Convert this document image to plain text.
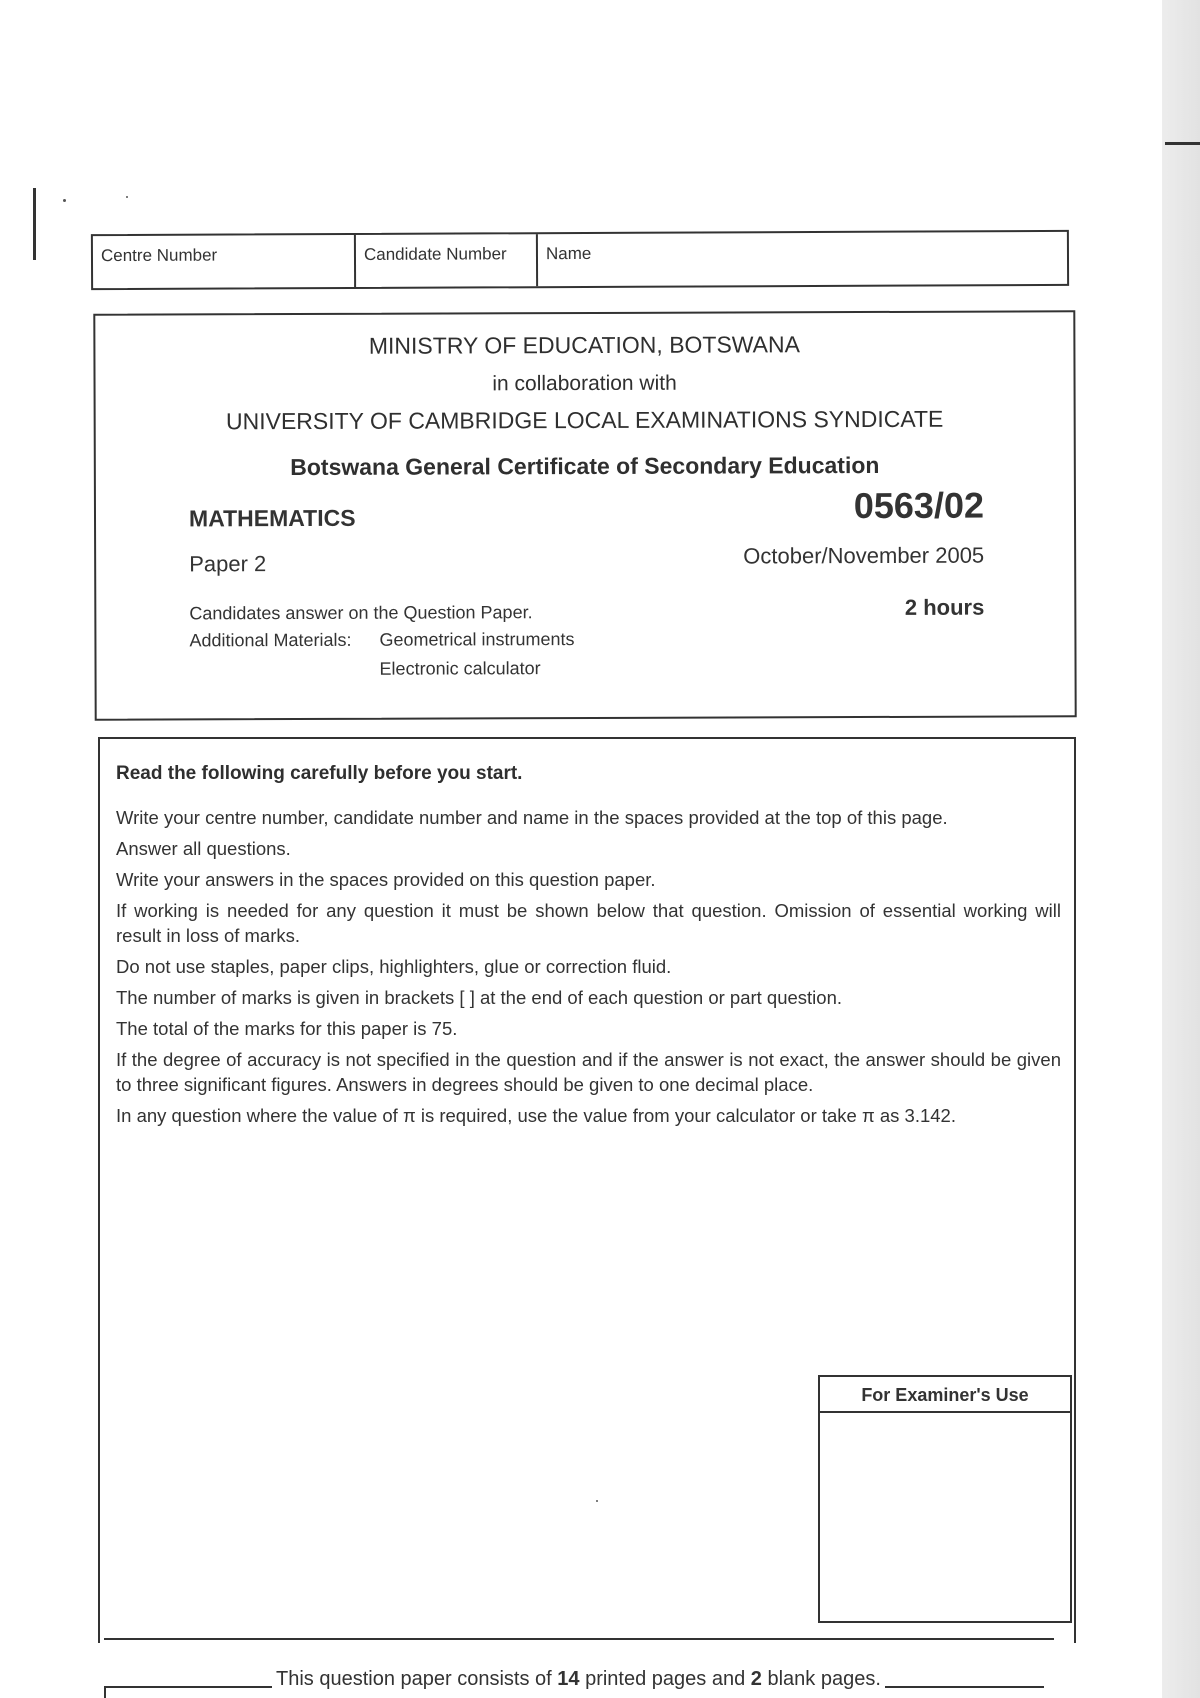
Centre Number	Candidate Number	Name
MINISTRY OF EDUCATION, BOTSWANA
in collaboration with
UNIVERSITY OF CAMBRIDGE LOCAL EXAMINATIONS SYNDICATE
Botswana General Certificate of Secondary Education
MATHEMATICS	0563/02
Paper 2	October/November 2005
Candidates answer on the Question Paper.	2 hours
Additional Materials:	Geometrical instruments
Electronic calculator
Read the following carefully before you start.

Write your centre number, candidate number and name in the spaces provided at the top of this page.

Answer all questions.

Write your answers in the spaces provided on this question paper.

If working is needed for any question it must be shown below that question. Omission of essential working will result in loss of marks.

Do not use staples, paper clips, highlighters, glue or correction fluid.

The number of marks is given in brackets [ ] at the end of each question or part question.

The total of the marks for this paper is 75.

If the degree of accuracy is not specified in the question and if the answer is not exact, the answer should be given to three significant figures. Answers in degrees should be given to one decimal place.

In any question where the value of π is required, use the value from your calculator or take π as 3.142.

For Examiner's Use
This question paper consists of 14 printed pages and 2 blank pages.
